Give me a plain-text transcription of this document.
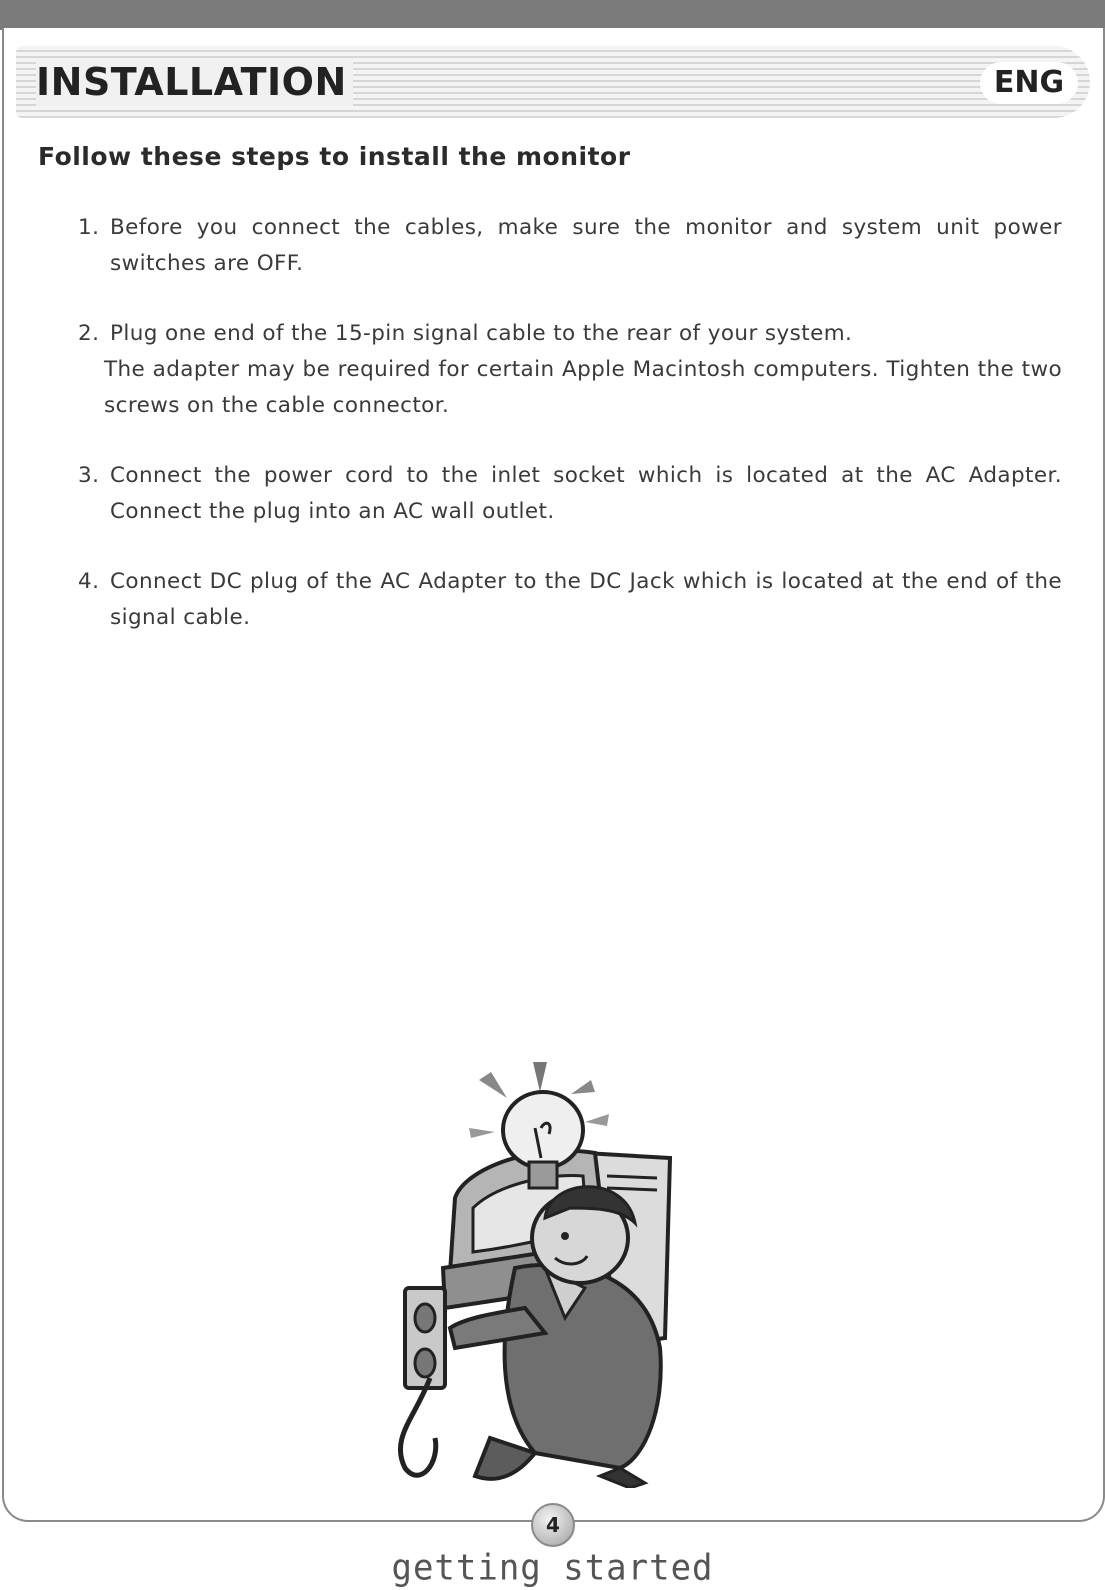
INSTALLATION	ENG
Follow these steps to install the monitor
1. Before you connect the cables, make sure the monitor and system unit power switches are OFF.
2. Plug one end of the 15-pin signal cable to the rear of your system.
The adapter may be required for certain Apple Macintosh computers. Tighten the two screws on the cable connector.
3. Connect the power cord to the inlet socket which is located at the AC Adapter. Connect the plug into an AC wall outlet.
4. Connect DC plug of the AC Adapter to the DC Jack which is located at the end of the signal cable.
4
getting started
